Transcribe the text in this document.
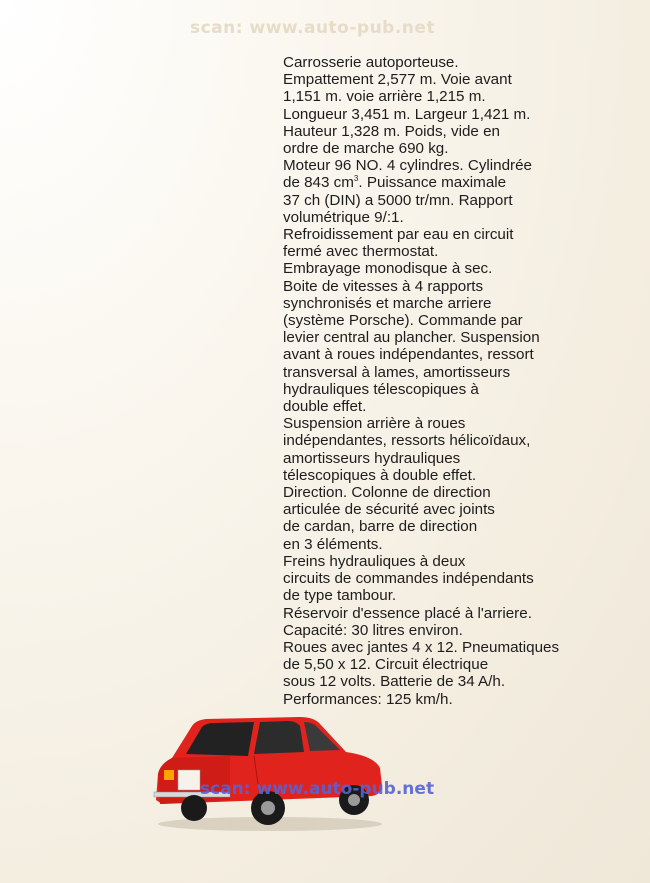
scan: www.auto-pub.net
Carrosserie autoporteuse.
Empattement 2,577 m. Voie avant
1,151 m. voie arrière 1,215 m.
Longueur 3,451 m. Largeur 1,421 m.
Hauteur 1,328 m. Poids, vide en
ordre de marche 690 kg.
Moteur 96 NO. 4 cylindres. Cylindrée
de 843 $cm^3$. Puissance maximale
37 ch (DIN) a 5000 tr/mn. Rapport
volumétrique 9/:1.
Refroidissement par eau en circuit
fermé avec thermostat.
Embrayage monodisque à sec.
Boite de vitesses à 4 rapports
synchronisés et marche arriere
(système Porsche). Commande par
levier central au plancher. Suspension
avant à roues indépendantes, ressort
transversal à lames, amortisseurs
hydrauliques télescopiques à
double effet.
Suspension arrière à roues
indépendantes, ressorts hélicoïdaux,
amortisseurs hydrauliques
télescopiques à double effet.
Direction. Colonne de direction
articulée de sécurité avec joints
de cardan, barre de direction
en 3 éléments.
Freins hydrauliques à deux
circuits de commandes indépendants
de type tambour.
Réservoir d'essence placé à l'arriere.
Capacité: 30 litres environ.
Roues avec jantes 4 x 12. Pneumatiques
de 5,50 x 12. Circuit électrique
sous 12 volts. Batterie de 34 A/h.
Performances: 125 km/h.
scan: www.auto-pub.net
